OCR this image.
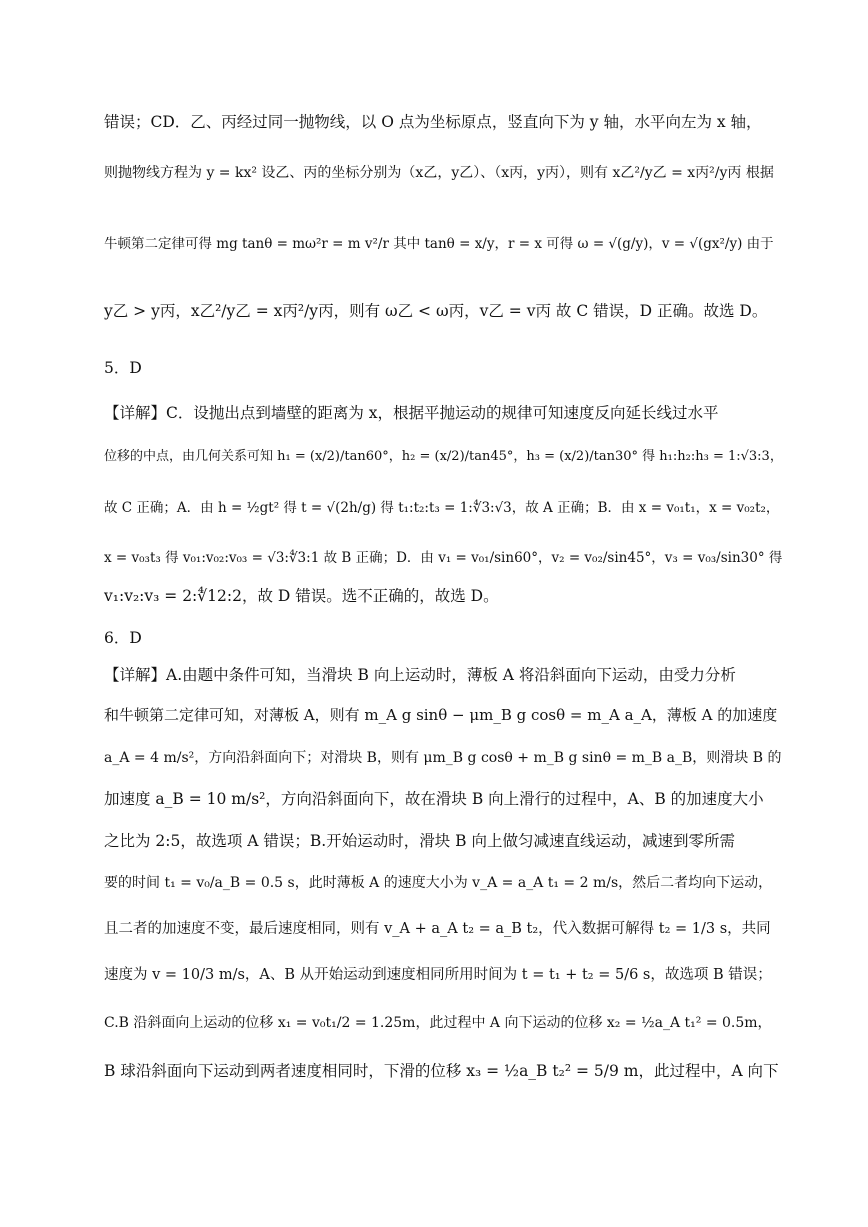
错误；CD．乙、丙经过同一抛物线，以 O 点为坐标原点，竖直向下为 y 轴，水平向左为 x 轴，
则抛物线方程为 y = kx² 设乙、丙的坐标分别为（x乙，y乙）、（x丙，y丙），则有 x乙²/y乙 = x丙²/y丙 根据
牛顿第二定律可得 mg tanθ = mω²r = m v²/r 其中 tanθ = x/y，r = x 可得 ω = √(g/y)，v = √(gx²/y) 由于
y乙 > y丙，x乙²/y乙 = x丙²/y丙，则有 ω乙 < ω丙，v乙 = v丙 故 C 错误，D 正确。故选 D。
5．D
【详解】C．设抛出点到墙壁的距离为 x，根据平抛运动的规律可知速度反向延长线过水平
位移的中点，由几何关系可知 h₁ = (x/2)/tan60°，h₂ = (x/2)/tan45°，h₃ = (x/2)/tan30° 得 h₁:h₂:h₃ = 1:√3:3，
故 C 正确；A．由 h = ½gt² 得 t = √(2h/g) 得 t₁:t₂:t₃ = 1:∜3:√3，故 A 正确；B．由 x = v₀₁t₁，x = v₀₂t₂，
x = v₀₃t₃ 得 v₀₁:v₀₂:v₀₃ = √3:∜3:1 故 B 正确；D．由 v₁ = v₀₁/sin60°，v₂ = v₀₂/sin45°，v₃ = v₀₃/sin30° 得
v₁:v₂:v₃ = 2:∜12:2，故 D 错误。选不正确的，故选 D。
6．D
【详解】A.由题中条件可知，当滑块 B 向上运动时，薄板 A 将沿斜面向下运动，由受力分析
和牛顿第二定律可知，对薄板 A，则有 m_A g sinθ − μm_B g cosθ = m_A a_A，薄板 A 的加速度
a_A = 4 m/s²，方向沿斜面向下；对滑块 B，则有 μm_B g cosθ + m_B g sinθ = m_B a_B，则滑块 B 的
加速度 a_B = 10 m/s²，方向沿斜面向下，故在滑块 B 向上滑行的过程中，A、B 的加速度大小
之比为 2:5，故选项 A 错误；B.开始运动时，滑块 B 向上做匀减速直线运动，减速到零所需
要的时间 t₁ = v₀/a_B = 0.5 s，此时薄板 A 的速度大小为 v_A = a_A t₁ = 2 m/s，然后二者均向下运动，
且二者的加速度不变，最后速度相同，则有 v_A + a_A t₂ = a_B t₂，代入数据可解得 t₂ = 1/3 s，共同
速度为 v = 10/3 m/s，A、B 从开始运动到速度相同所用时间为 t = t₁ + t₂ = 5/6 s，故选项 B 错误；
C.B 沿斜面向上运动的位移 x₁ = v₀t₁/2 = 1.25m，此过程中 A 向下运动的位移 x₂ = ½a_A t₁² = 0.5m，
B 球沿斜面向下运动到两者速度相同时，下滑的位移 x₃ = ½a_B t₂² = 5/9 m，此过程中，A 向下
